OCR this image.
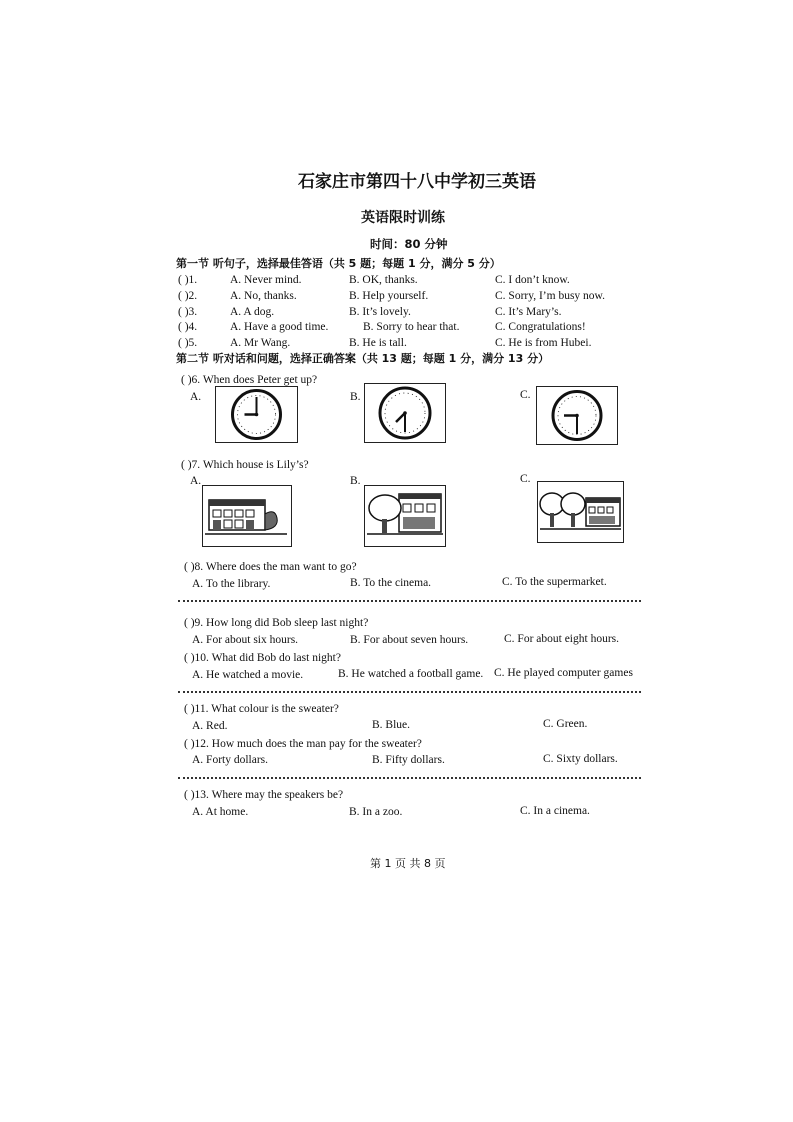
石家庄市第四十八中学初三英语
英语限时训练
时间：80 分钟
第一节 听句子，选择最佳答语（共 5 题；每题 1 分，满分 5 分）
( )1.	A. Never mind.	B. OK, thanks.	C. I don’t know.
( )2.	A. No, thanks.	B. Help yourself.	C. Sorry, I’m busy now.
( )3.	A. A dog.	B. It’s lovely.	C. It’s Mary’s.
( )4.	A. Have a good time.	B. Sorry to hear that.	C. Congratulations!
( )5.	A. Mr Wang.	B. He is tall.	C. He is from Hubei.
第二节 听对话和问题，选择正确答案（共 13 题；每题 1 分，满分 13 分）
( )6. When does Peter get up?
A.	B.	C.
( )7. Which house is Lily’s?
A.	B.	C.
( )8. Where does the man want to go?
A. To the library.	B. To the cinema.	C. To the supermarket.
( )9. How long did Bob sleep last night?
A. For about six hours.	B. For about seven hours.	C. For about eight hours.
( )10. What did Bob do last night?
A. He watched a movie.	B. He watched a football game. C. He played computer games
( )11. What colour is the sweater?
A. Red.	B. Blue.	C. Green.
( )12. How much does the man pay for the sweater?
A. Forty dollars.	B. Fifty dollars.	C. Sixty dollars.
( )13. Where may the speakers be?
A. At home.	B. In a zoo.	C. In a cinema.
第 1 页 共 8 页
